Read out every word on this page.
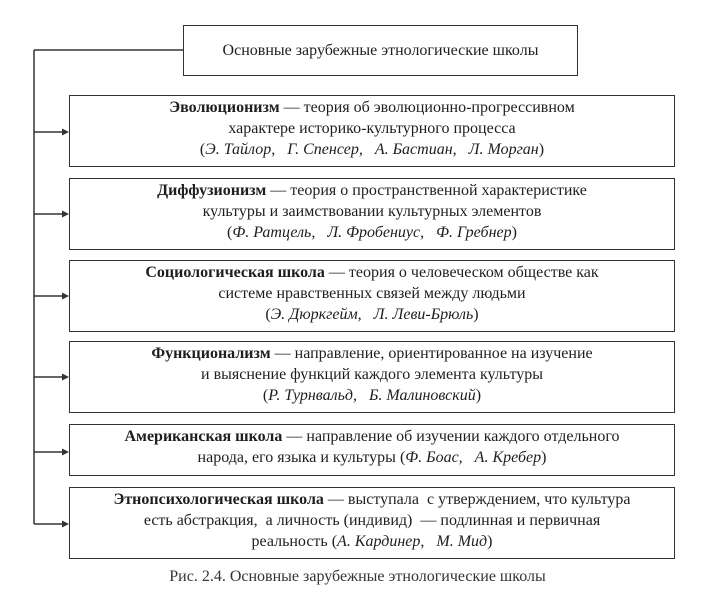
Основные зарубежные этнологические школы
Эволюционизм — теория об эволюционно-прогрессивном
характере историко-культурного процесса
(Э. Тайлор,   Г. Спенсер,   А. Бастиан,   Л. Морган)
Диффузионизм — теория о пространственной характеристике
культуры и заимствовании культурных элементов
(Ф. Ратцель,   Л. Фробениус,   Ф. Гребнер)
Социологическая школа — теория о человеческом обществе как
системе нравственных связей между людьми
(Э. Дюркгейм,   Л. Леви-Брюль)
Функционализм — направление, ориентированное на изучение
и выяснение функций каждого элемента культуры
(Р. Турнвальд,   Б. Малиновский)
Американская школа — направление об изучении каждого отдельного
народа, его языка и культуры (Ф. Боас,   А. Кребер)
Этнопсихологическая школа — выступала  с утверждением, что культура
есть абстракция,  а личность (индивид)  — подлинная и первичная
реальность (А. Кардинер,   М. Мид)
Рис. 2.4. Основные зарубежные этнологические школы
